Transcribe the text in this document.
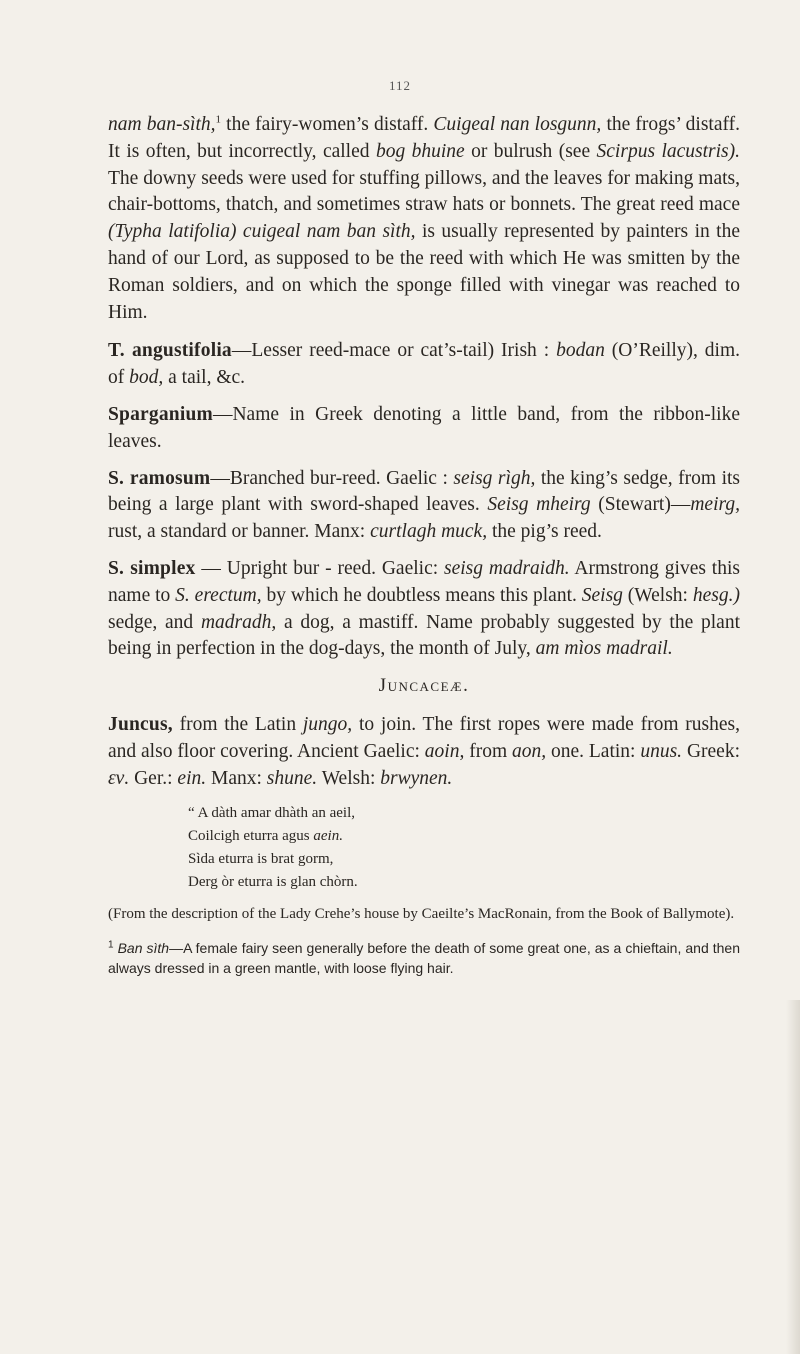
112

nam ban-sìth,$^1$ the fairy-women’s distaff. Cuigeal nan losgunn, the frogs’ distaff. It is often, but incorrectly, called bog bhuine or bulrush (see Scirpus lacustris). The downy seeds were used for stuffing pillows, and the leaves for making mats, chair-bottoms, thatch, and sometimes straw hats or bonnets. The great reed mace (Typha latifolia) cuigeal nam ban sìth, is usually represented by painters in the hand of our Lord, as supposed to be the reed with which He was smitten by the Roman soldiers, and on which the sponge filled with vinegar was reached to Him.

T. angustifolia—Lesser reed-mace or cat’s-tail) Irish : bodan (O’Reilly), dim. of bod, a tail, &c.

Sparganium—Name in Greek denoting a little band, from the ribbon-like leaves.

S. ramosum—Branched bur-reed. Gaelic : seisg rìgh, the king’s sedge, from its being a large plant with sword-shaped leaves. Seisg mheirg (Stewart)—meirg, rust, a standard or banner. Manx: curtlagh muck, the pig’s reed.

S. simplex — Upright bur - reed. Gaelic: seisg madraidh. Armstrong gives this name to S. erectum, by which he doubtless means this plant. Seisg (Welsh: hesg.) sedge, and madradh, a dog, a mastiff. Name probably suggested by the plant being in perfection in the dog-days, the month of July, am mìos madrail.

Juncaceæ.

Juncus, from the Latin jungo, to join. The first ropes were made from rushes, and also floor covering. Ancient Gaelic: aoin, from aon, one. Latin: unus. Greek: εν. Ger.: ein. Manx: shune. Welsh: brwynen.

“ A dàth amar dhàth an aeil,
Coilcigh eturra agus aein.
Sìda eturra is brat gorm,
Derg òr eturra is glan chòrn.

(From the description of the Lady Crehe’s house by Caeilte’s MacRonain, from the Book of Ballymote).

$^1$ Ban sìth—A female fairy seen generally before the death of some great one, as a chieftain, and then always dressed in a green mantle, with loose flying hair.
